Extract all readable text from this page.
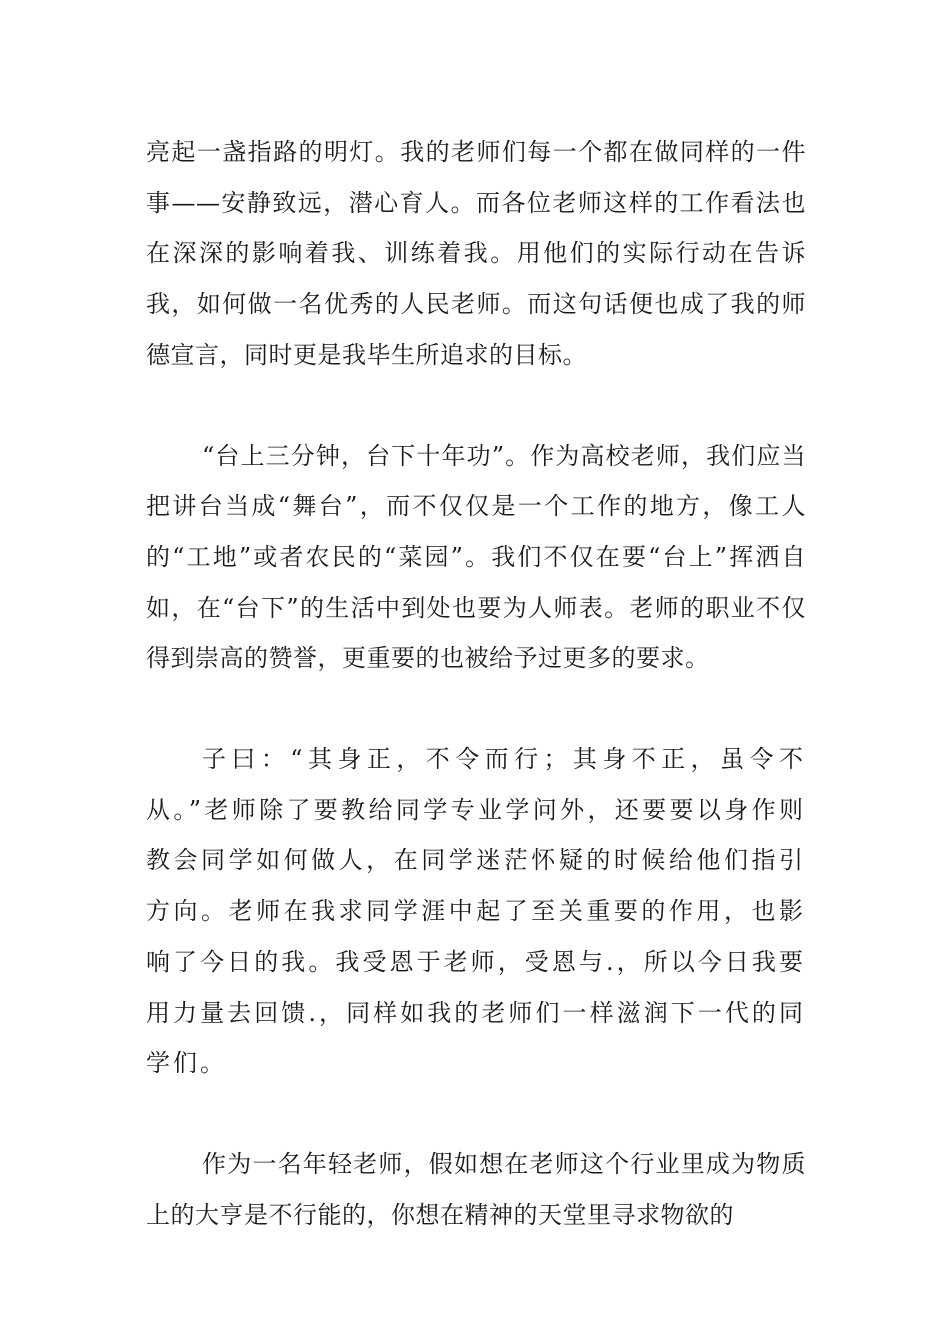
亮起一盏指路的明灯。我的老师们每一个都在做同样的一件事——安静致远，潜心育人。而各位老师这样的工作看法也在深深的影响着我、训练着我。用他们的实际行动在告诉我，如何做一名优秀的人民老师。而这句话便也成了我的师德宣言，同时更是我毕生所追求的目标。

“台上三分钟，台下十年功”。作为高校老师，我们应当把讲台当成“舞台”，而不仅仅是一个工作的地方，像工人的“工地”或者农民的“菜园”。我们不仅在要“台上”挥洒自如，在“台下”的生活中到处也要为人师表。老师的职业不仅得到崇高的赞誉，更重要的也被给予过更多的要求。

子曰：“其身正，不令而行；其身不正，虽令不从。”老师除了要教给同学专业学问外，还要要以身作则教会同学如何做人，在同学迷茫怀疑的时候给他们指引方向。老师在我求同学涯中起了至关重要的作用，也影响了今日的我。我受恩于老师，受恩与.，所以今日我要用力量去回馈.，同样如我的老师们一样滋润下一代的同学们。

作为一名年轻老师，假如想在老师这个行业里成为物质上的大亨是不行能的，你想在精神的天堂里寻求物欲的
